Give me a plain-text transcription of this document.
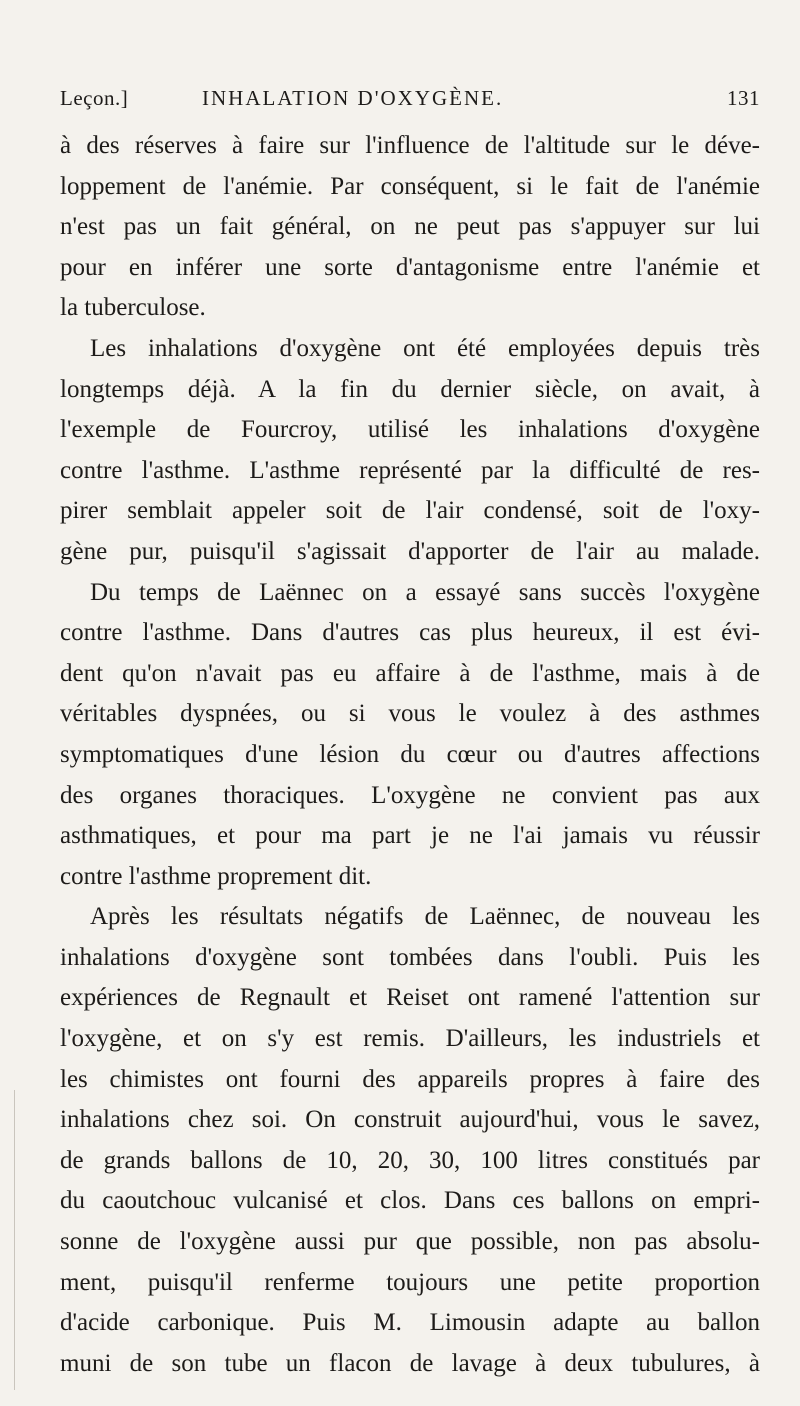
Leçon.]	INHALATION D'OXYGÈNE.	131
à des réserves à faire sur l'influence de l'altitude sur le déve-
loppement de l'anémie. Par conséquent, si le fait de l'anémie
n'est pas un fait général, on ne peut pas s'appuyer sur lui
pour en inférer une sorte d'antagonisme entre l'anémie et
la tuberculose.
Les inhalations d'oxygène ont été employées depuis très
longtemps déjà. A la fin du dernier siècle, on avait, à
l'exemple de Fourcroy, utilisé les inhalations d'oxygène
contre l'asthme. L'asthme représenté par la difficulté de res-
pirer semblait appeler soit de l'air condensé, soit de l'oxy-
gène pur, puisqu'il s'agissait d'apporter de l'air au malade.
Du temps de Laënnec on a essayé sans succès l'oxygène
contre l'asthme. Dans d'autres cas plus heureux, il est évi-
dent qu'on n'avait pas eu affaire à de l'asthme, mais à de
véritables dyspnées, ou si vous le voulez à des asthmes
symptomatiques d'une lésion du cœur ou d'autres affections
des organes thoraciques. L'oxygène ne convient pas aux
asthmatiques, et pour ma part je ne l'ai jamais vu réussir
contre l'asthme proprement dit.
Après les résultats négatifs de Laënnec, de nouveau les
inhalations d'oxygène sont tombées dans l'oubli. Puis les
expériences de Regnault et Reiset ont ramené l'attention sur
l'oxygène, et on s'y est remis. D'ailleurs, les industriels et
les chimistes ont fourni des appareils propres à faire des
inhalations chez soi. On construit aujourd'hui, vous le savez,
de grands ballons de 10, 20, 30, 100 litres constitués par
du caoutchouc vulcanisé et clos. Dans ces ballons on empri-
sonne de l'oxygène aussi pur que possible, non pas absolu-
ment, puisqu'il renferme toujours une petite proportion
d'acide carbonique. Puis M. Limousin adapte au ballon
muni de son tube un flacon de lavage à deux tubulures, à
